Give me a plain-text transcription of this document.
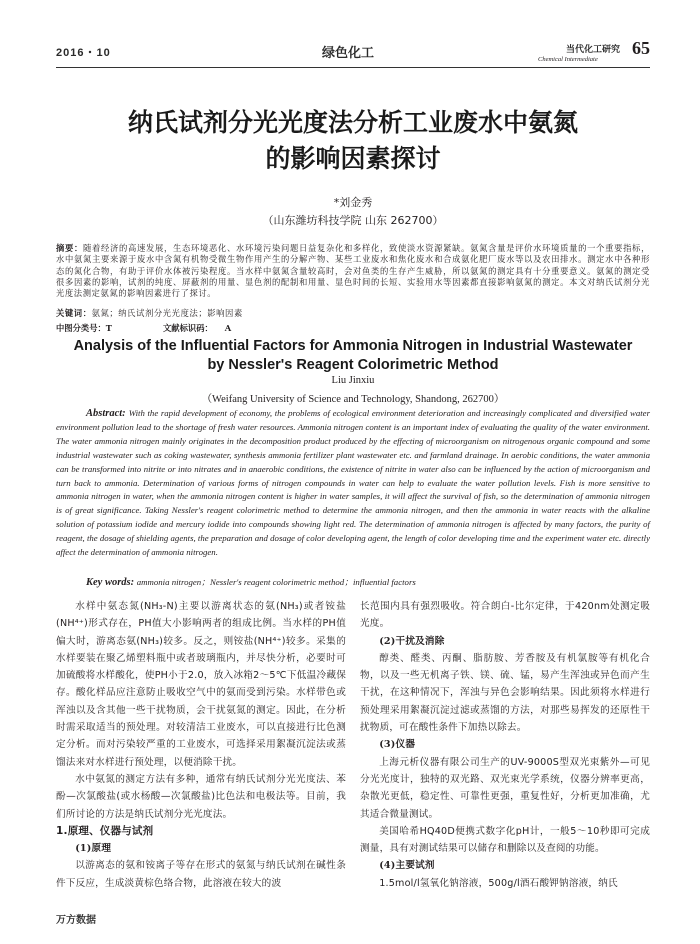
2016・10	绿色化工	当代化工研究
Chemical Intermediate
65
纳氏试剂分光光度法分析工业废水中氨氮
的影响因素探讨
*刘金秀
（山东潍坊科技学院 山东 262700）
摘要：随着经济的高速发展，生态环境恶化、水环境污染问题日益复杂化和多样化，致使淡水资源紧缺。氨氮含量是评价水环境质量的一个重要指标，水中氨氮主要来源于废水中含氮有机物受微生物作用产生的分解产物、某些工业废水和焦化废水和合成氨化肥厂废水等以及农田排水。测定水中各种形态的氮化合物，有助于评价水体被污染程度。当水样中氨氮含量较高时，会对鱼类的生存产生威胁，所以氨氮的测定具有十分重要意义。氨氮的测定受很多因素的影响，试剂的纯度、屏蔽剂的用量、显色剂的配制和用量、显色时间的长短、实验用水等因素都直接影响氨氮的测定。本文对纳氏试剂分光光度法测定氨氮的影响因素进行了探讨。
关键词：氨氮；纳氏试剂分光光度法；影响因素
中图分类号：T	文献标识码： A
Analysis of the Influential Factors for Ammonia Nitrogen in Industrial Wastewater
by Nessler's Reagent Colorimetric Method
Liu Jinxiu
（Weifang University of Science and Technology, Shandong, 262700）
Abstract: With the rapid development of economy, the problems of ecological environment deterioration and increasingly complicated and diversified water environment pollution lead to the shortage of fresh water resources. Ammonia nitrogen content is an important index of evaluating the quality of the water environment. The water ammonia nitrogen mainly originates in the decomposition product produced by the effecting of microorganism on nitrogenous organic compound and some industrial wastewater such as coking wastewater, synthesis ammonia fertilizer plant wastewater etc. and farmland drainage. In aerobic conditions, the water ammonia can be transformed into nitrite or into nitrates and in anaerobic conditions, the existence of nitrite in water also can be influenced by the action of microorganism and turn back to ammonia. Determination of various forms of nitrogen compounds in water can help to evaluate the water pollution levels. Fish is more sensitive to ammonia nitrogen in water, when the ammonia nitrogen content is higher in water samples, it will affect the survival of fish, so the determination of ammonia nitrogen is of great significance. Taking Nessler's reagent colorimetric method to determine the ammonia nitrogen, and then the ammonia in water reacts with the alkaline solution of potassium iodide and mercury iodide into compounds showing light red. The determination of ammonia nitrogen is affected by many factors, the purity of reagent, the dosage of shielding agents, the preparation and dosage of color developing agent, the length of color developing time and the experiment water etc. directly affect the determination of ammonia nitrogen.
Key words: ammonia nitrogen；Nessler's reagent colorimetric method；influential factors

水样中氨态氮(NH₃-N)主要以游离状态的氨(NH₃)或者铵盐(NH⁴⁺)形式存在，PH值大小影响两者的组成比例。当水样的PH值偏大时，游离态氨(NH₃)较多。反之，则铵盐(NH⁴⁺)较多。采集的水样要装在聚乙烯塑料瓶中或者玻璃瓶内，并尽快分析，必要时可加硫酸将水样酸化，使PH小于2.0，放入冰箱2～5℃下低温冷藏保存。酸化样品应注意防止吸收空气中的氨而受到污染。水样带色或浑浊以及含其他一些干扰物质，会干扰氨氮的测定。因此，在分析时需采取适当的预处理。对较清洁工业废水，可以直接进行比色测定分析。而对污染较严重的工业废水，可选择采用絮凝沉淀法或蒸馏法来对水样进行预处理，以便消除干扰。

水中氨氮的测定方法有多种，通常有纳氏试剂分光光度法、苯酚—次氯酸盐(或水杨酸—次氯酸盐)比色法和电极法等。目前，我们所讨论的方法是纳氏试剂分光光度法。

1.原理、仪器与试剂

(1)原理

以游离态的氨和铵离子等存在形式的氨氮与纳氏试剂在碱性条件下反应，生成淡黄棕色络合物，此溶液在较大的波

长范围内具有强烈吸收。符合朗白-比尔定律，于420nm处测定吸光度。

(2)干扰及消除

醇类、醛类、丙酮、脂肪胺、芳香胺及有机氯胺等有机化合物，以及一些无机离子铁、镁、硫、锰，易产生浑浊或异色而产生干扰，在这种情况下，浑浊与异色会影响结果。因此须将水样进行预处理采用絮凝沉淀过滤或蒸馏的方法，对那些易挥发的还原性干扰物质，可在酸性条件下加热以除去。

(3)仪器

上海元析仪器有限公司生产的UV-9000S型双光束紫外—可见分光光度计，独特的双光路、双光束光学系统，仪器分辨率更高，杂散光更低，稳定性、可靠性更强，重复性好，分析更加准确，尤其适合微量测试。

美国哈希HQ40D便携式数字化pH计，一般5～10秒即可完成测量，具有对测试结果可以储存和删除以及查阅的功能。

(4)主要试剂

1.5mol/l氢氧化钠溶液，500g/l酒石酸钾钠溶液，纳氏

万方数据
